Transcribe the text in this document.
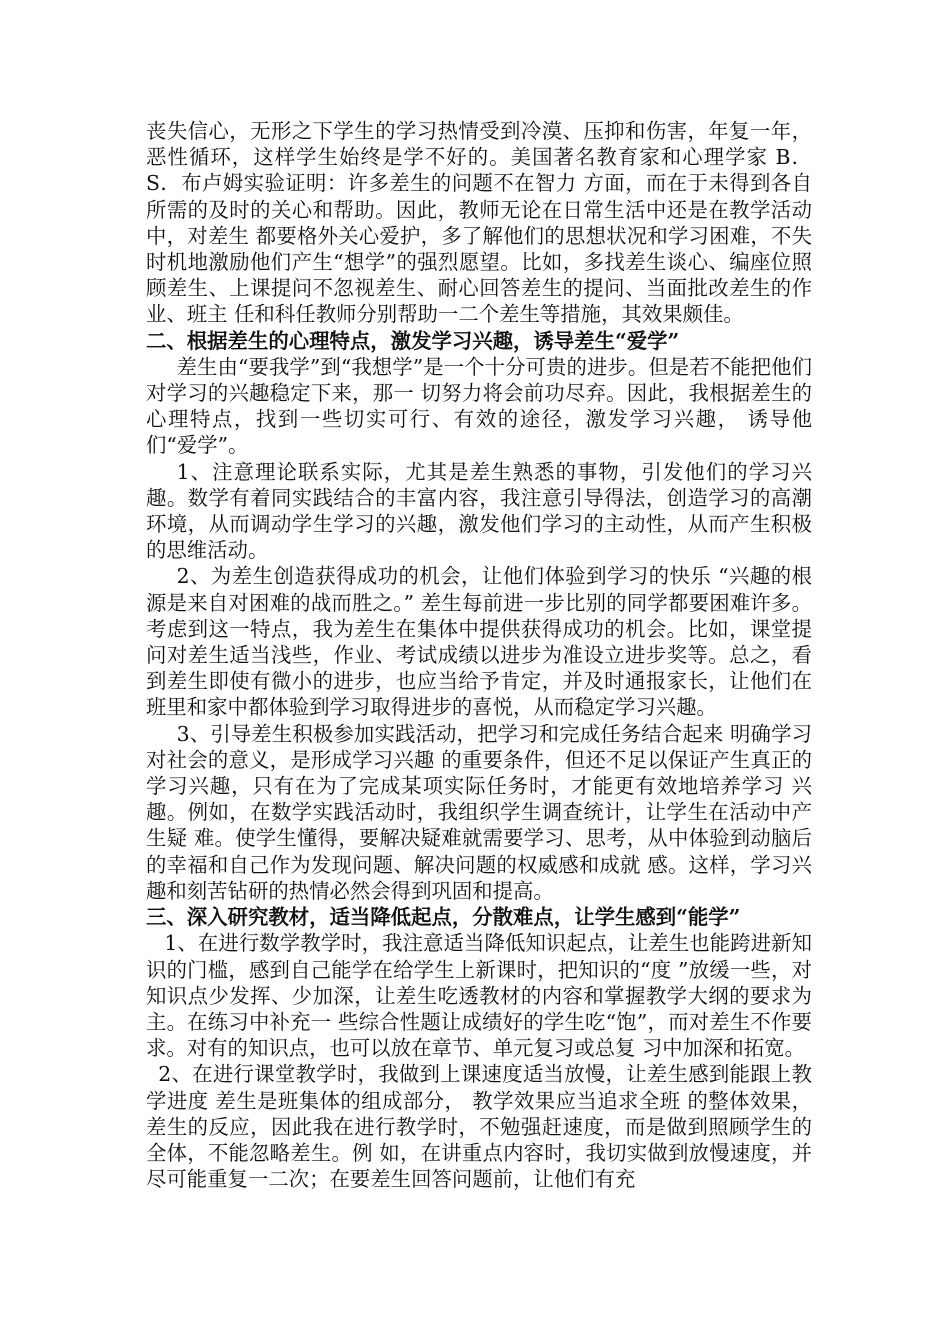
丧失信心，无形之下学生的学习热情受到冷漠、压抑和伤害，年复一年，恶性循环，这样学生始终是学不好的。美国著名教育家和心理学家 B．S．布卢姆实验证明：许多差生的问题不在智力 方面，而在于未得到各自所需的及时的关心和帮助。因此，教师无论在日常生活中还是在教学活动中，对差生 都要格外关心爱护，多了解他们的思想状况和学习困难，不失时机地激励他们产生“想学”的强烈愿望。比如，多找差生谈心、编座位照顾差生、上课提问不忽视差生、耐心回答差生的提问、当面批改差生的作业、班主 任和科任教师分别帮助一二个差生等措施，其效果颇佳。

二、根据差生的心理特点，激发学习兴趣，诱导差生“爱学”

差生由“要我学”到“我想学”是一个十分可贵的进步。但是若不能把他们对学习的兴趣稳定下来，那一 切努力将会前功尽弃。因此，我根据差生的心理特点，找到一些切实可行、有效的途径，激发学习兴趣， 诱导他们“爱学”。

1、注意理论联系实际，尤其是差生熟悉的事物，引发他们的学习兴趣。数学有着同实践结合的丰富内容，我注意引导得法，创造学习的高潮环境，从而调动学生学习的兴趣，激发他们学习的主动性，从而产生积极的思维活动。

2、为差生创造获得成功的机会，让他们体验到学习的快乐 “兴趣的根源是来自对困难的战而胜之。” 差生每前进一步比别的同学都要困难许多。考虑到这一特点，我为差生在集体中提供获得成功的机会。比如，课堂提问对差生适当浅些，作业、考试成绩以进步为准设立进步奖等。总之，看到差生即使有微小的进步，也应当给予肯定，并及时通报家长，让他们在班里和家中都体验到学习取得进步的喜悦，从而稳定学习兴趣。

3、引导差生积极参加实践活动，把学习和完成任务结合起来 明确学习对社会的意义，是形成学习兴趣 的重要条件，但还不足以保证产生真正的学习兴趣，只有在为了完成某项实际任务时，才能更有效地培养学习 兴趣。例如，在数学实践活动时，我组织学生调查统计，让学生在活动中产生疑 难。使学生懂得，要解决疑难就需要学习、思考，从中体验到动脑后的幸福和自己作为发现问题、解决问题的权威感和成就 感。这样，学习兴趣和刻苦钻研的热情必然会得到巩固和提高。

三、深入研究教材，适当降低起点，分散难点，让学生感到“能学”

1、在进行数学教学时，我注意适当降低知识起点，让差生也能跨进新知识的门槛，感到自己能学在给学生上新课时，把知识的“度 ”放缓一些，对知识点少发挥、少加深，让差生吃透教材的内容和掌握教学大纲的要求为主。在练习中补充一 些综合性题让成绩好的学生吃“饱”，而对差生不作要求。对有的知识点，也可以放在章节、单元复习或总复 习中加深和拓宽。

2、在进行课堂教学时，我做到上课速度适当放慢，让差生感到能跟上教学进度 差生是班集体的组成部分， 教学效果应当追求全班 的整体效果，差生的反应，因此我在进行教学时，不勉强赶速度，而是做到照顾学生的全体，不能忽略差生。例 如，在讲重点内容时，我切实做到放慢速度，并尽可能重复一二次；在要差生回答问题前，让他们有充
